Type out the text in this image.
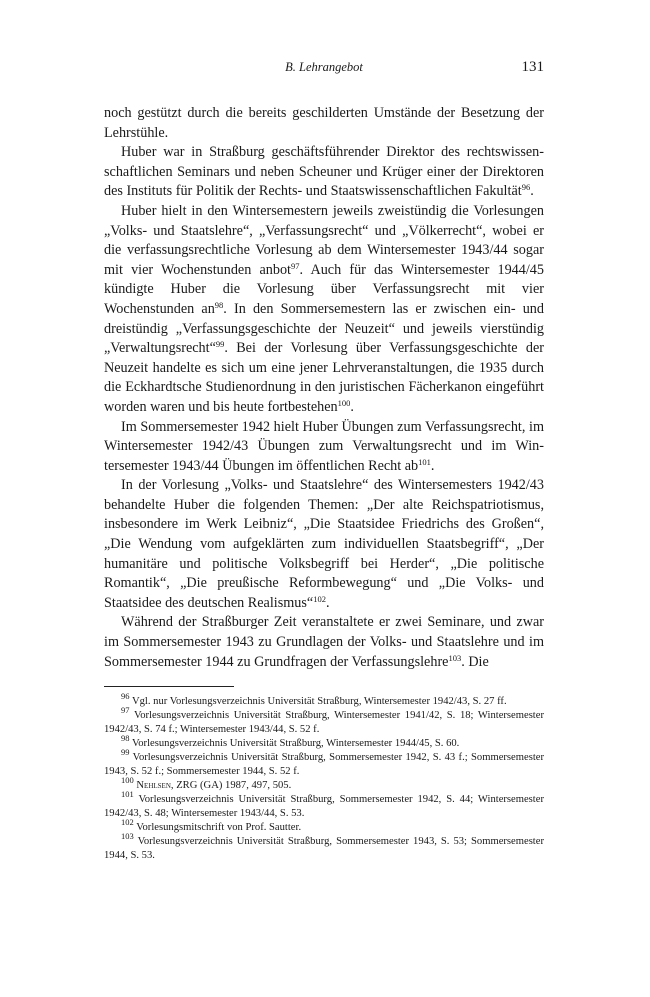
B. Lehrangebot	131

noch gestützt durch die bereits geschilderten Umstände der Besetzung der Lehrstühle.

Huber war in Straßburg geschäftsführender Direktor des rechtswissenschaftlichen Seminars und neben Scheuner und Krüger einer der Direktoren des Instituts für Politik der Rechts- und Staatswissenschaftlichen Fakultät$^{96}$.

Huber hielt in den Wintersemestern jeweils zweistündig die Vorlesungen „Volks- und Staatslehre“, „Verfassungsrecht“ und „Völkerrecht“, wobei er die verfassungsrechtliche Vorlesung ab dem Wintersemester 1943/44 sogar mit vier Wochenstunden anbot$^{97}$. Auch für das Wintersemester 1944/45 kündigte Huber die Vorlesung über Verfassungsrecht mit vier Wochenstunden $an^{98}$. In den Sommersemestern las er zwischen ein- und dreistündig „Verfassungsgeschichte der Neuzeit“ und jeweils vierstündig „Verwaltungsrecht“$^{99}$. Bei der Vorlesung über Verfassungsgeschichte der Neuzeit handelte es sich um eine jener Lehrveranstaltungen, die 1935 durch die Eckhardtsche Studienordnung in den juristischen Fächerkanon eingeführt worden waren und bis heute fortbestehen$^{100}$.

Im Sommersemester 1942 hielt Huber Übungen zum Verfassungsrecht, im Wintersemester 1942/43 Übungen zum Verwaltungsrecht und im Wintersemester 1943/44 Übungen im öffentlichen Recht $ab^{101}$.

In der Vorlesung „Volks- und Staatslehre“ des Wintersemesters 1942/43 behandelte Huber die folgenden Themen: „Der alte Reichspatriotismus, insbesondere im Werk Leibniz“, „Die Staatsidee Friedrichs des Großen“, „Die Wendung vom aufgeklärten zum individuellen Staatsbegriff“, „Der humanitäre und politische Volksbegriff bei Herder“, „Die politische Romantik“, „Die preußische Reformbewegung“ und „Die Volks- und Staatsidee des deutschen Realismus“$^{102}$.

Während der Straßburger Zeit veranstaltete er zwei Seminare, und zwar im Sommersemester 1943 zu Grundlagen der Volks- und Staatslehre und im Sommersemester 1944 zu Grundfragen der Verfassungslehre$^{103}$. Die

$^{96}$ Vgl. nur Vorlesungsverzeichnis Universität Straßburg, Wintersemester 1942/43, S. 27 ff.

$^{97}$ Vorlesungsverzeichnis Universität Straßburg, Wintersemester 1941/42, S. 18; Wintersemester 1942/43, S. 74 f.; Wintersemester 1943/44, S. 52 f.

$^{98}$ Vorlesungsverzeichnis Universität Straßburg, Wintersemester 1944/45, S. 60.

$^{99}$ Vorlesungsverzeichnis Universität Straßburg, Sommersemester 1942, S. 43 f.; Sommersemester 1943, S. 52 f.; Sommersemester 1944, S. 52 f.

$^{100}$ Nehlsen, ZRG (GA) 1987, 497, 505.

$^{101}$ Vorlesungsverzeichnis Universität Straßburg, Sommersemester 1942, S. 44; Wintersemester 1942/43, S. 48; Wintersemester 1943/44, S. 53.

$^{102}$ Vorlesungsmitschrift von Prof. Sautter.

$^{103}$ Vorlesungsverzeichnis Universität Straßburg, Sommersemester 1943, S. 53; Sommersemester 1944, S. 53.
